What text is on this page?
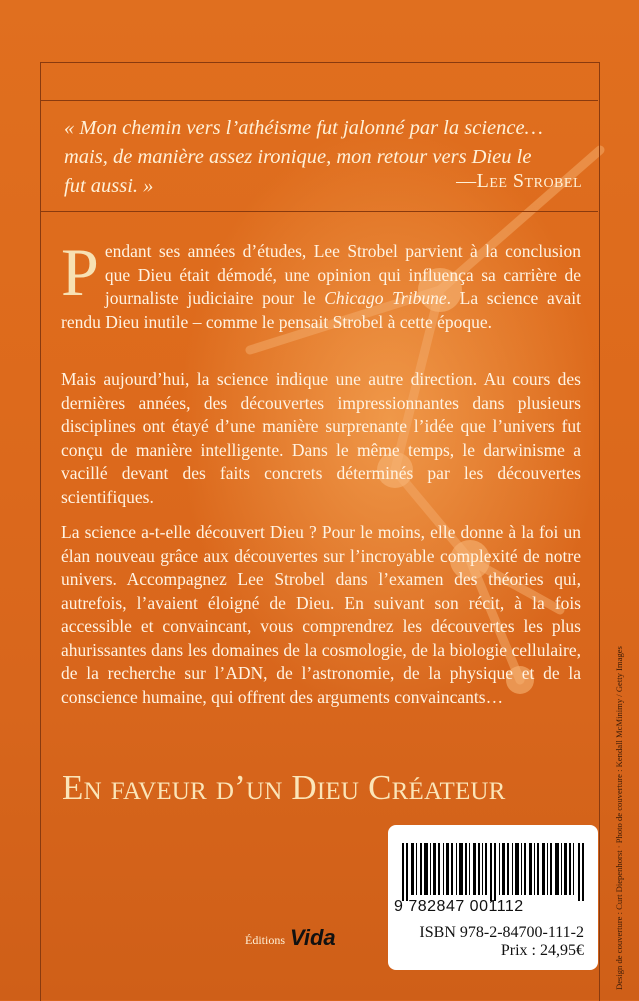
« Mon chemin vers l’athéisme fut jalonné par la science…
mais, de manière assez ironique, mon retour vers Dieu le
fut aussi. »	—Lee Strobel
Pendant ses années d’études, Lee Strobel parvient à la conclusion que Dieu était démodé, une opinion qui influença sa carrière de journaliste judiciaire pour le Chicago Tribune. La science avait rendu Dieu inutile – comme le pensait Strobel à cette époque.
Mais aujourd’hui, la science indique une autre direction. Au cours des dernières années, des découvertes impressionnantes dans plusieurs disciplines ont étayé d’une manière surprenante l’idée que l’univers fut conçu de manière intelligente. Dans le même temps, le darwinisme a vacillé devant des faits concrets déterminés par les découvertes scientifiques.
La science a-t-elle découvert Dieu ? Pour le moins, elle donne à la foi un élan nouveau grâce aux découvertes sur l’incroyable complexité de notre univers. Accompagnez Lee Strobel dans l’examen des théories qui, autrefois, l’avaient éloigné de Dieu. En suivant son récit, à la fois accessible et convaincant, vous comprendrez les découvertes les plus ahurissantes dans les domaines de la cosmologie, de la biologie cellulaire, de la recherche sur l’ADN, de l’astronomie, de la physique et de la conscience humaine, qui offrent des arguments convaincants…
En faveur d’un Dieu Créateur
9 782847 001112
ISBN 978-2-84700-111-2
Prix : 24,95€
Éditions Vida	Design de couverture : Curt Diepenhorst · Photo de couverture : Kendall McMinimy / Getty Images
